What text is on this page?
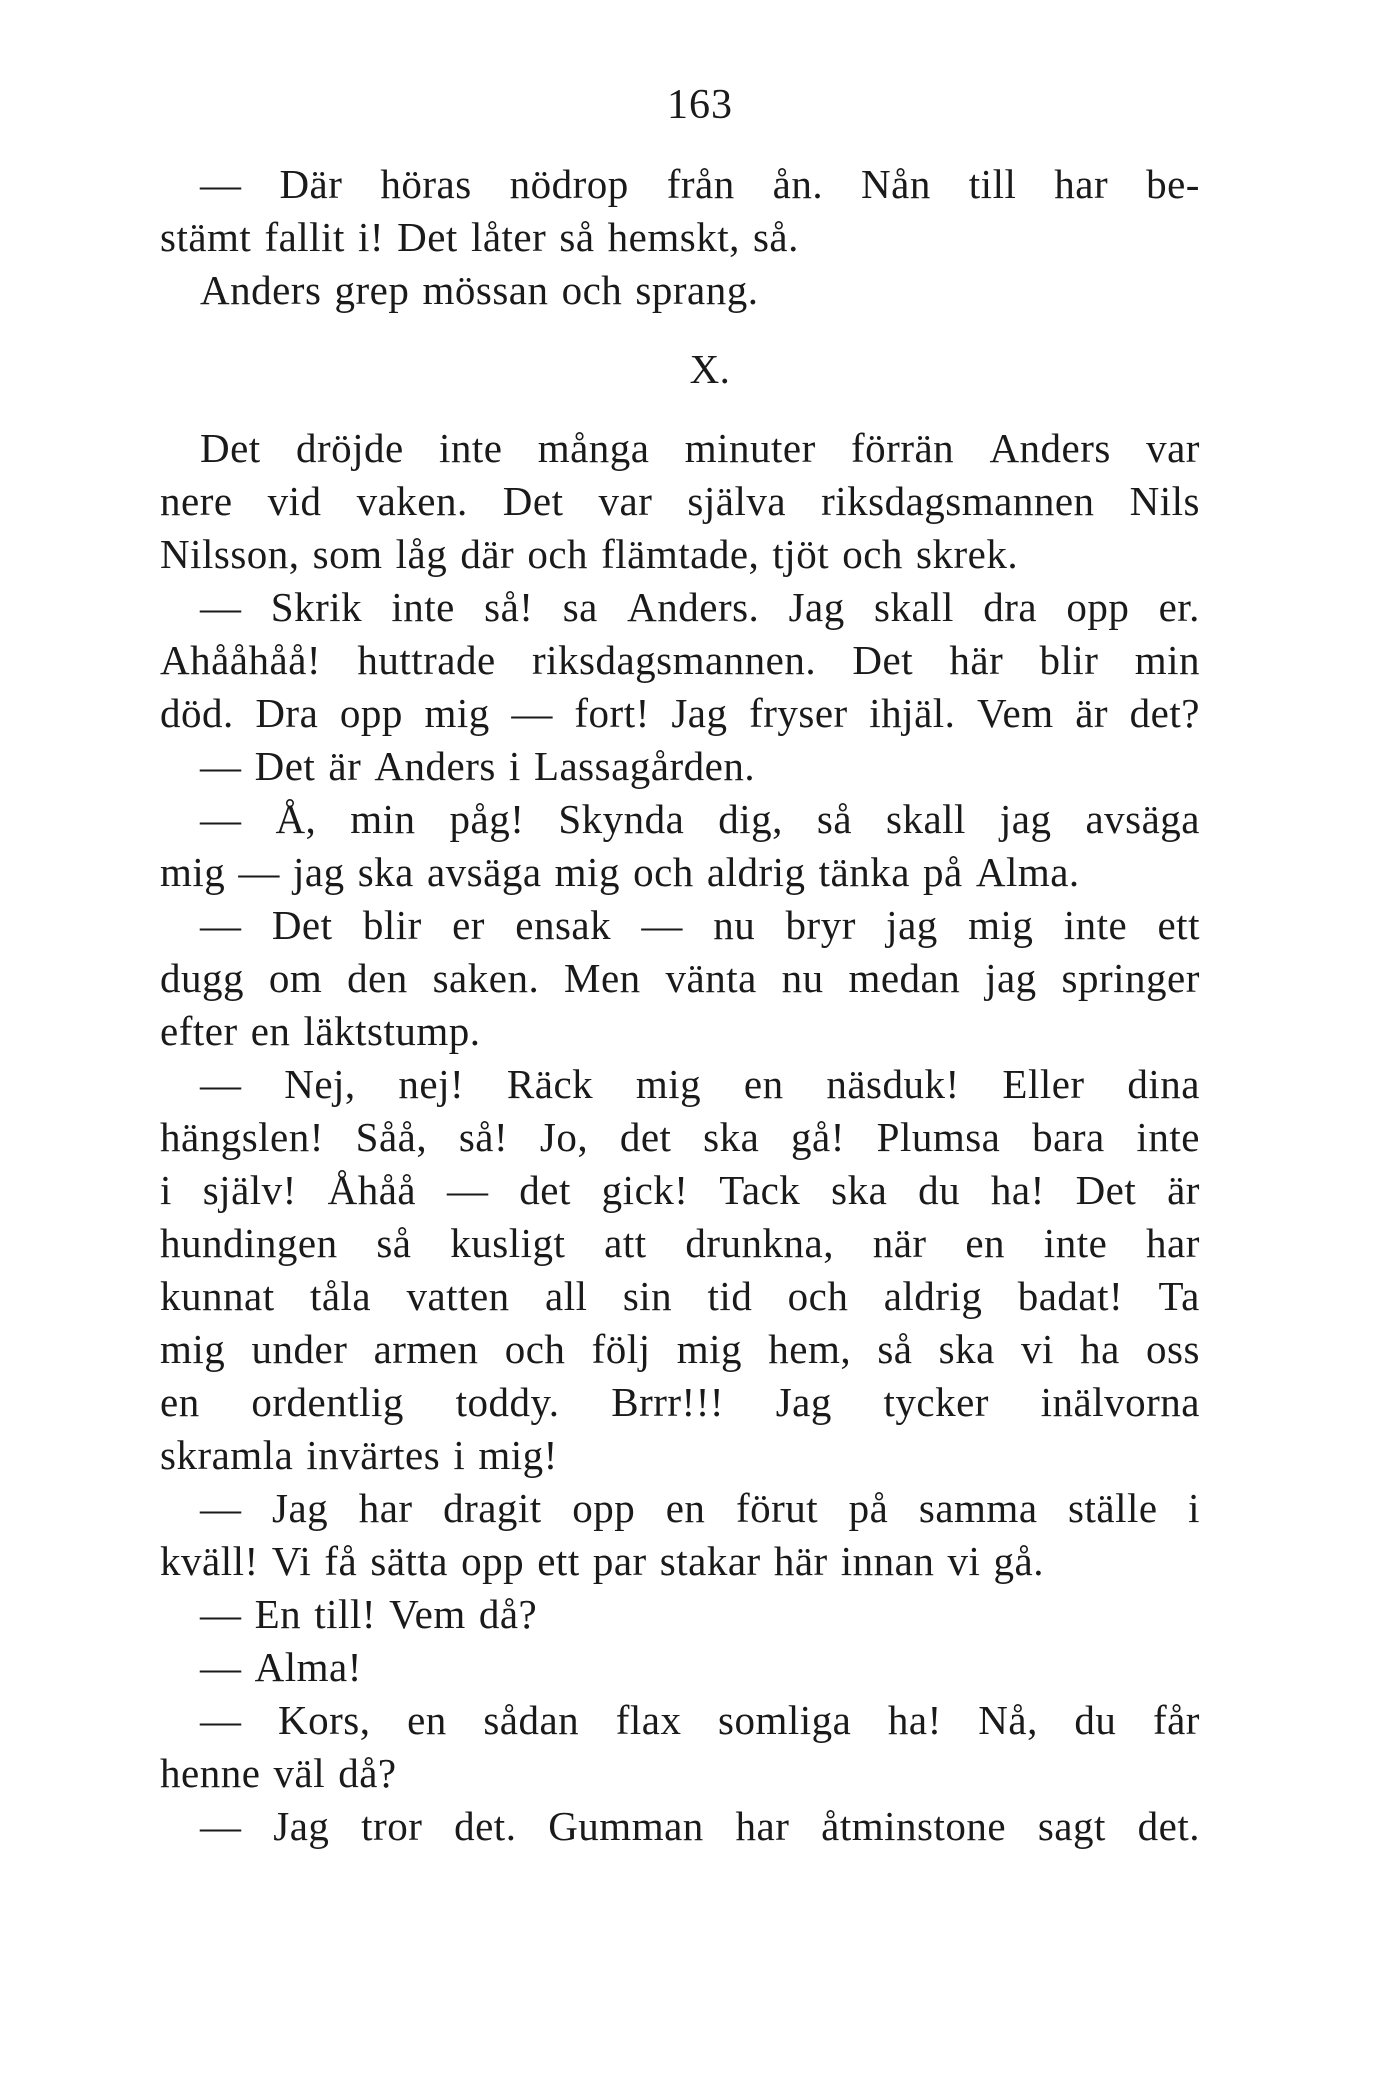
163
— Där höras nödrop från ån. Nån till har be-
stämt fallit i! Det låter så hemskt, så.
Anders grep mössan och sprang.
X.
Det dröjde inte många minuter förrän Anders var
nere vid vaken. Det var själva riksdagsmannen Nils
Nilsson, som låg där och flämtade, tjöt och skrek.
— Skrik inte så! sa Anders. Jag skall dra opp er.
Ahååhåå! huttrade riksdagsmannen. Det här blir min
död. Dra opp mig — fort! Jag fryser ihjäl. Vem är det?
— Det är Anders i Lassagården.
— Å, min påg! Skynda dig, så skall jag avsäga
mig — jag ska avsäga mig och aldrig tänka på Alma.
— Det blir er ensak — nu bryr jag mig inte ett
dugg om den saken. Men vänta nu medan jag springer
efter en läktstump.
— Nej, nej! Räck mig en näsduk! Eller dina
hängslen! Såå, så! Jo, det ska gå! Plumsa bara inte
i själv! Åhåå — det gick! Tack ska du ha! Det är
hundingen så kusligt att drunkna, när en inte har
kunnat tåla vatten all sin tid och aldrig badat! Ta
mig under armen och följ mig hem, så ska vi ha oss
en ordentlig toddy. Brrr!!! Jag tycker inälvorna
skramla invärtes i mig!
— Jag har dragit opp en förut på samma ställe i
kväll! Vi få sätta opp ett par stakar här innan vi gå.
— En till! Vem då?
— Alma!
— Kors, en sådan flax somliga ha! Nå, du får
henne väl då?
— Jag tror det. Gumman har åtminstone sagt det.
